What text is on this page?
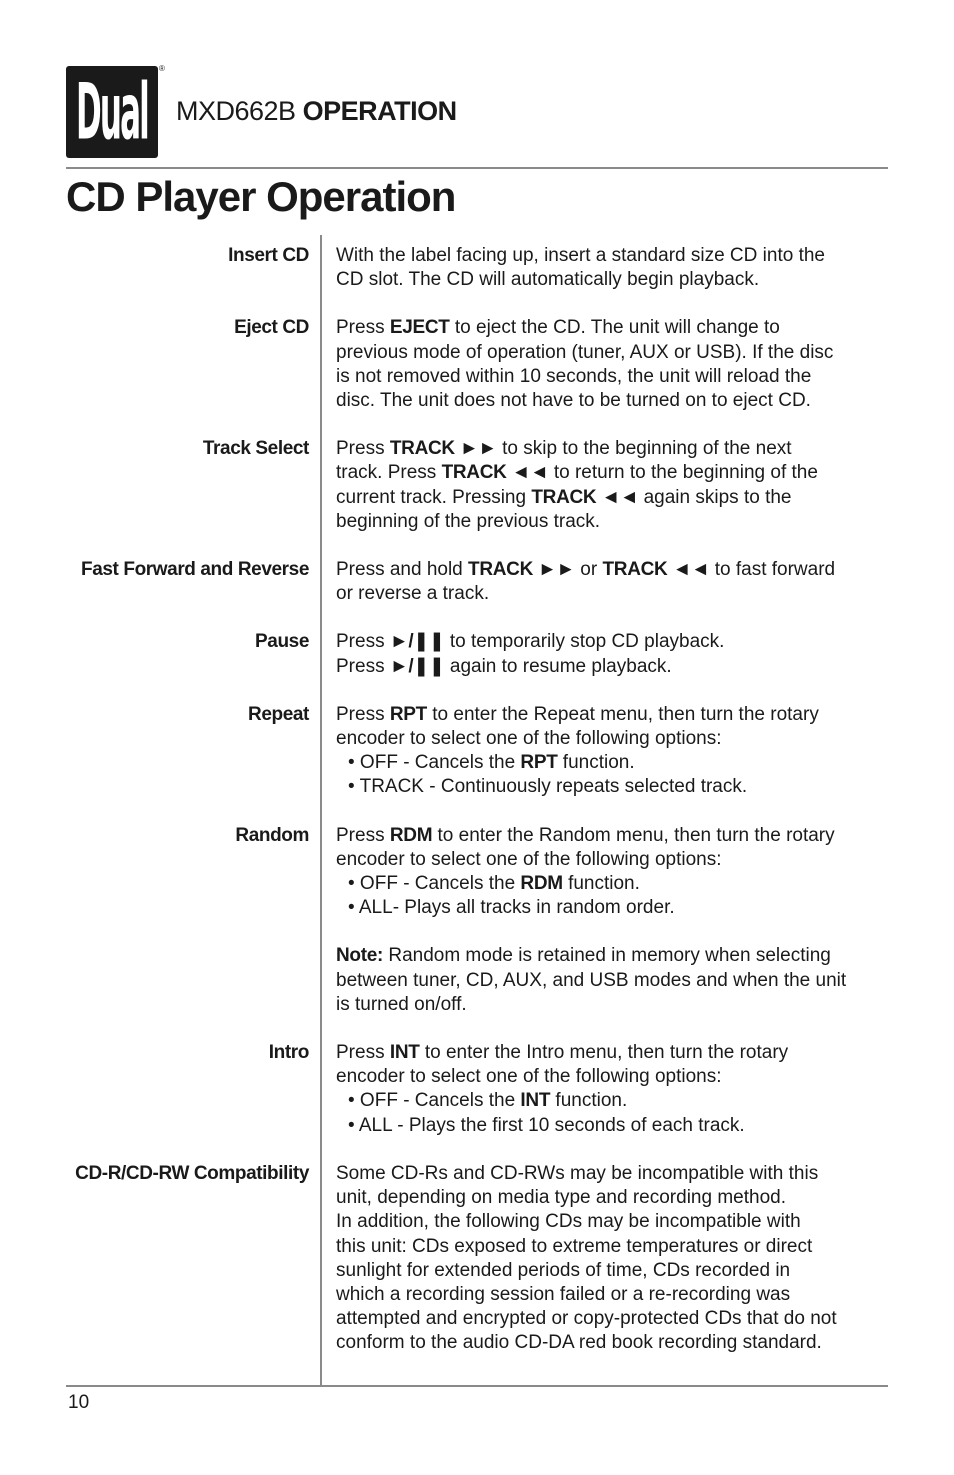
Dual ®
MXD662B OPERATION
CD Player Operation
Insert CD With the label facing up, insert a standard size CD into the
CD slot. The CD will automatically begin playback.
Eject CD Press EJECT to eject the CD. The unit will change to
previous mode of operation (tuner, AUX or USB). If the disc
is not removed within 10 seconds, the unit will reload the
disc. The unit does not have to be turned on to eject CD.
Track Select Press TRACK ►► to skip to the beginning of the next
track. Press TRACK ◄◄ to return to the beginning of the
current track. Pressing TRACK ◄◄ again skips to the
beginning of the previous track.
Fast Forward and Reverse Press and hold TRACK ►► or TRACK ◄◄ to fast forward
or reverse a track.
Pause Press ►/❚❚ to temporarily stop CD playback.
Press ►/❚❚ again to resume playback.
Repeat Press RPT to enter the Repeat menu, then turn the rotary
encoder to select one of the following options:
• OFF - Cancels the RPT function.
• TRACK - Continuously repeats selected track.
Random Press RDM to enter the Random menu, then turn the rotary
encoder to select one of the following options:
• OFF - Cancels the RDM function.
• ALL- Plays all tracks in random order.
Note: Random mode is retained in memory when selecting
between tuner, CD, AUX, and USB modes and when the unit
is turned on/off.
Intro Press INT to enter the Intro menu, then turn the rotary
encoder to select one of the following options:
• OFF - Cancels the INT function.
• ALL - Plays the first 10 seconds of each track.
CD-R/CD-RW Compatibility Some CD-Rs and CD-RWs may be incompatible with this
unit, depending on media type and recording method.
In addition, the following CDs may be incompatible with
this unit: CDs exposed to extreme temperatures or direct
sunlight for extended periods of time, CDs recorded in
which a recording session failed or a re-recording was
attempted and encrypted or copy-protected CDs that do not
conform to the audio CD-DA red book recording standard.
10
